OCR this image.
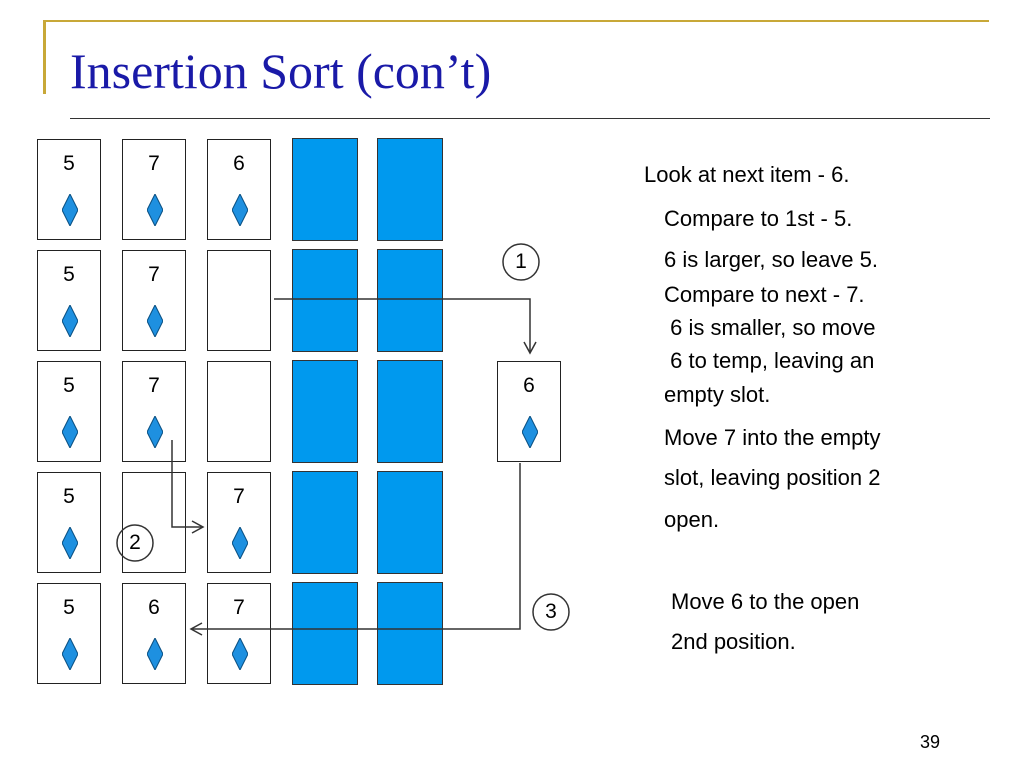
Insertion Sort (con’t)
5	7	6
5	7
5	7	6
5	7
5	6	7
1
2
3
Look at next item - 6.
Compare to 1st - 5.
6 is larger, so leave 5.
Compare to next - 7.
6 is smaller, so move
6 to temp, leaving an
empty slot.
Move 7 into the empty
slot, leaving position 2
open.
Move 6 to the open
2nd position.
39
